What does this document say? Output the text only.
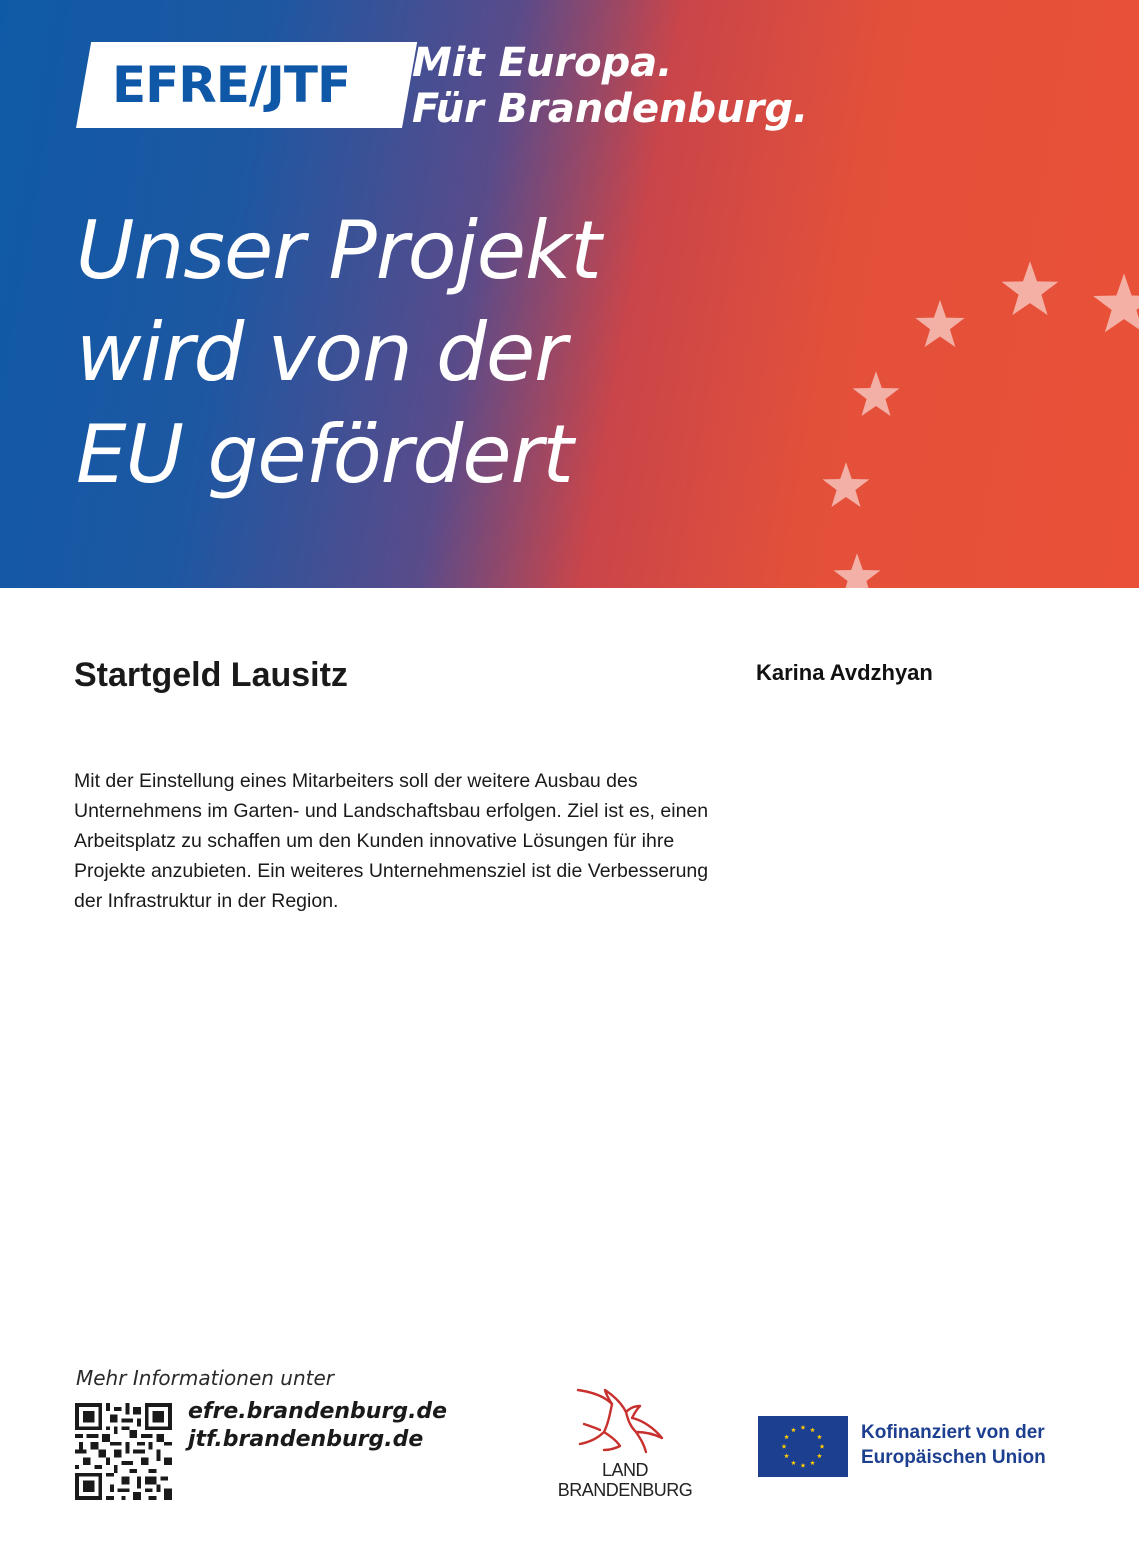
EFRE/JTF Mit Europa.
Für Brandenburg.
Unser Projekt
wird von der
EU gefördert
Startgeld Lausitz	Karina Avdzhyan
Mit der Einstellung eines Mitarbeiters soll der weitere Ausbau des Unternehmens im Garten- und Landschaftsbau erfolgen. Ziel ist es, einen Arbeitsplatz zu schaffen um den Kunden innovative Lösungen für ihre Projekte anzubieten. Ein weiteres Unternehmensziel ist die Verbesserung der Infrastruktur in der Region.
Mehr Informationen unter
efre.brandenburg.de
jtf.brandenburg.de
LAND
BRANDENBURG
Kofinanziert von der
Europäischen Union
